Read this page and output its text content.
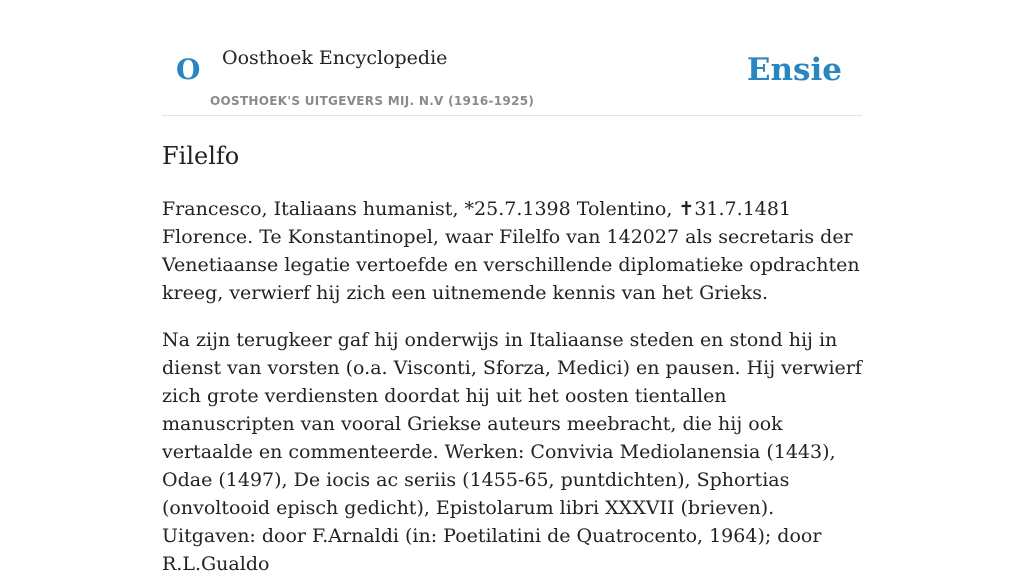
O Oosthoek Encyclopedie
OOSTHOEK'S UITGEVERS MIJ. N.V (1916-1925)
Ensie
Filelfo

Francesco, Italiaans humanist, *25.7.1398 Tolentino, ✝31.7.1481 Florence. Te Konstantinopel, waar Filelfo van 142027 als secretaris der Venetiaanse legatie vertoefde en verschillende diplomatieke opdrachten kreeg, verwierf hij zich een uitnemende kennis van het Grieks.

Na zijn terugkeer gaf hij onderwijs in Italiaanse steden en stond hij in dienst van vorsten (o.a. Visconti, Sforza, Medici) en pausen. Hij verwierf zich grote verdiensten doordat hij uit het oosten tientallen manuscripten van vooral Griekse auteurs meebracht, die hij ook vertaalde en commenteerde. Werken: Convivia Mediolanensia (1443), Odae (1497), De iocis ac seriis (1455-65, puntdichten), Sphortias (onvoltooid episch gedicht), Epistolarum libri XXXVII (brieven). Uitgaven: door F.Arnaldi (in: Poetilatini de Quatrocento, 1964); door R.L.Gualdo
